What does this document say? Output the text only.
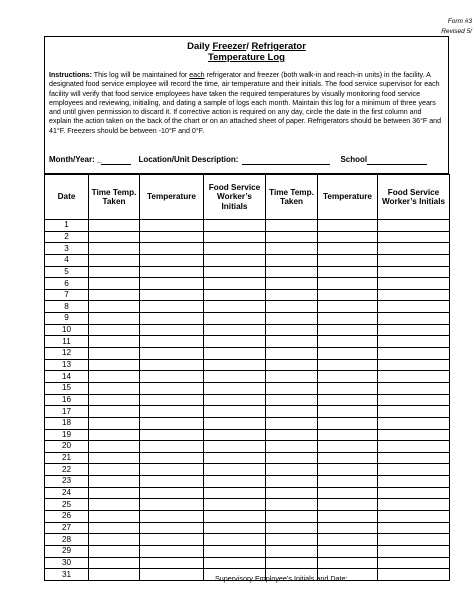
Form #3
Revised 5/
Daily Freezer/ Refrigerator
Temperature Log
Instructions: This log will be maintained for each refrigerator and freezer (both walk-in and reach-in units) in the facility. A designated food service employee will record the time, air temperature and their initials. The food service supervisor for each facility will verify that food service employees have taken the required temperatures by visually monitoring food service employees and reviewing, initialing, and dating a sample of logs each month. Maintain this log for a minimum of three years and until given permission to discard it. If corrective action is required on any day, circle the date in the first column and explain the action taken on the back of the chart or on an attached sheet of paper. Refrigerators should be between 36°F and 41°F. Freezers should be between -10°F and 0°F.
Month/Year: _	Location/Unit Description:	School
Date	Time Temp. Taken	Temperature	Food Service Worker’s Initials	Time Temp. Taken	Temperature	Food Service Worker’s Initials
1						
2						
3						
4						
5						
6						
7						
8						
9						
10						
11						
12						
13						
14						
15						
16						
17						
18						
19						
20						
21						
22						
23						
24						
25						
26						
27						
28						
29						
30						
31							Supervisory Employee’s Initials and Date:
